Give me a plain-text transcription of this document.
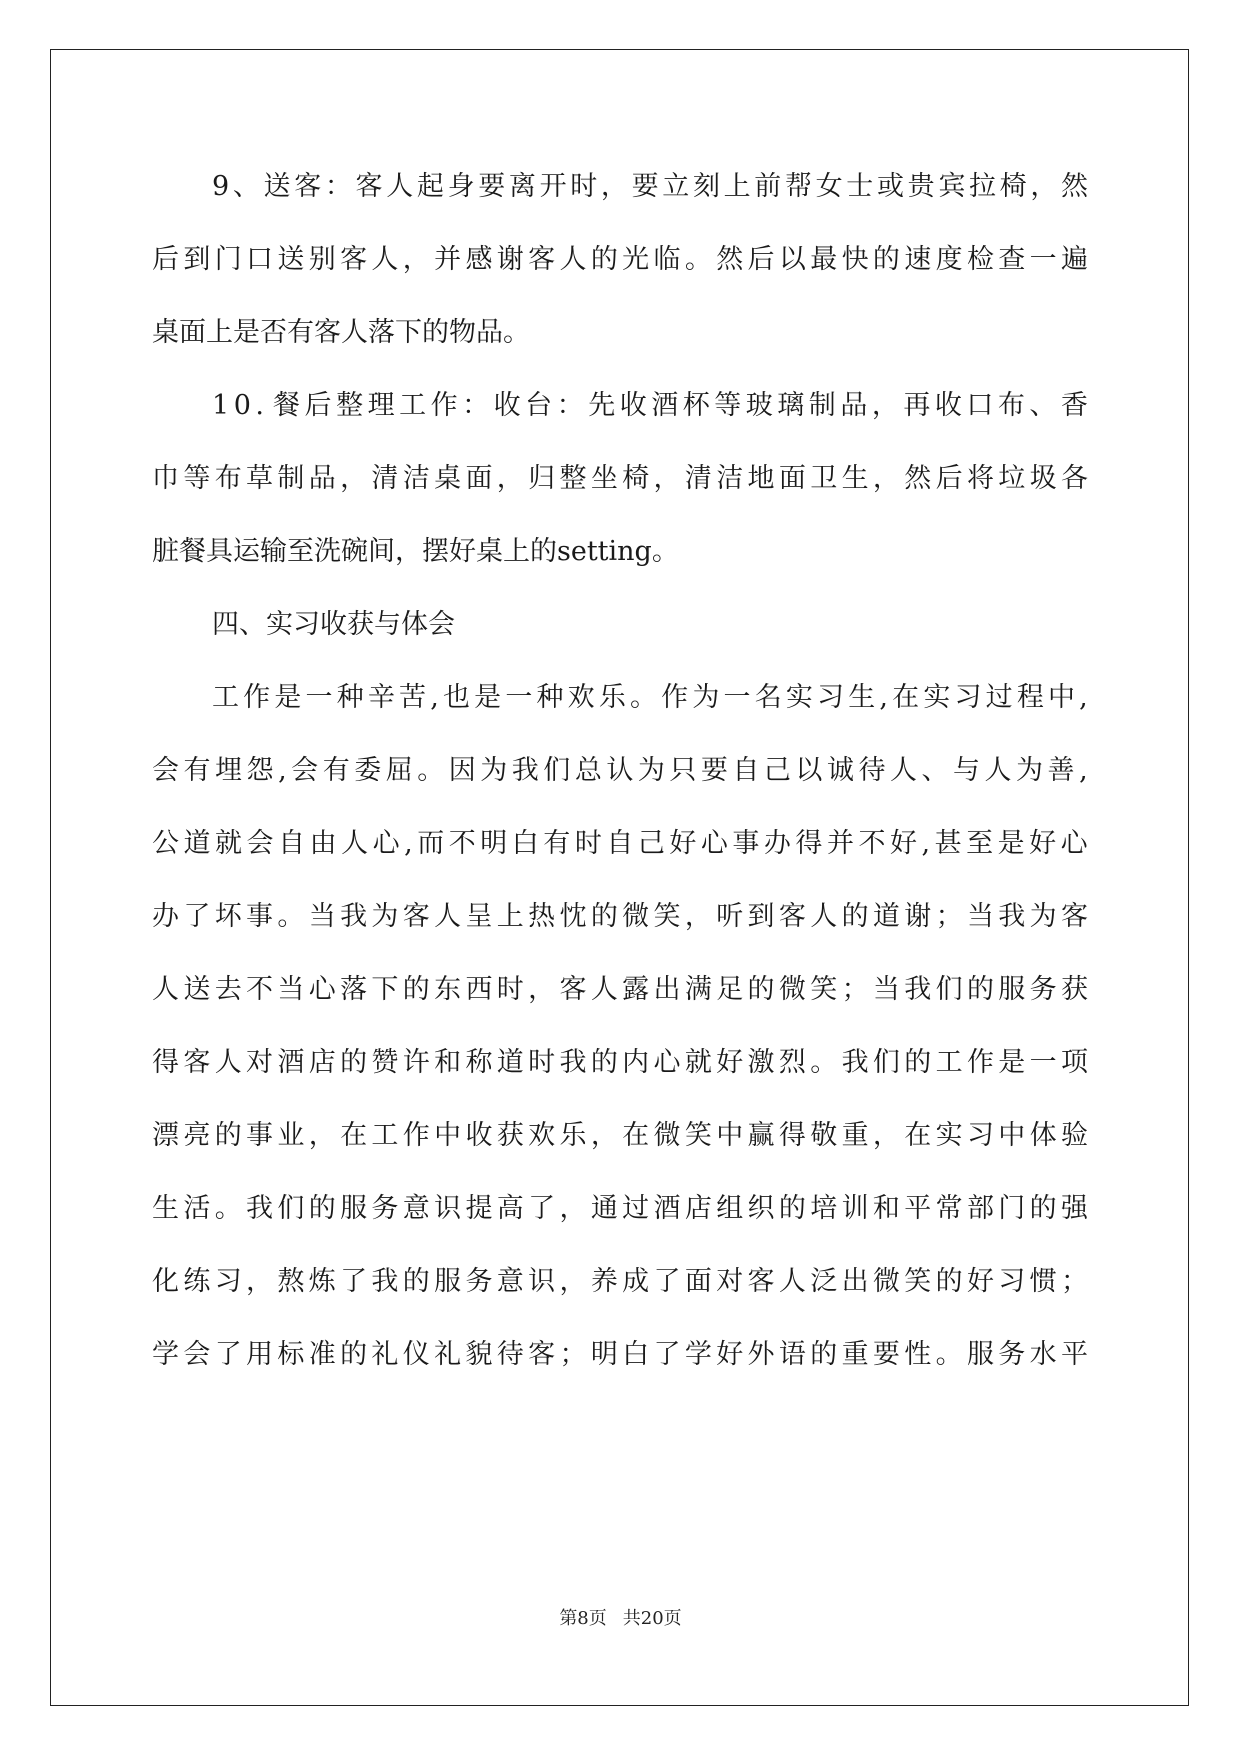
9 、 送 客 ： 客 人 起 身 要 离 开 时 ， 要 立 刻 上 前 帮 女 士 或 贵 宾 拉 椅 ， 然
后 到 门 口 送 别 客 人 ， 并 感 谢 客 人 的 光 临 。 然 后 以 最 快 的 速 度 检 查 一 遍
桌面上是否有客人落下的物品。
1 0 . 餐 后 整 理 工 作 ： 收 台 ： 先 收 酒 杯 等 玻 璃 制 品 ， 再 收 口 布 、 香
巾 等 布 草 制 品 ， 清 洁 桌 面 ， 归 整 坐 椅 ， 清 洁 地 面 卫 生 ， 然 后 将 垃 圾 各
脏餐具运输至洗碗间，摆好桌上的setting。
四、实习收获与体会
工 作 是 一 种 辛 苦 , 也 是 一 种 欢 乐 。 作 为 一 名 实 习 生 , 在 实 习 过 程 中 ,
会 有 埋 怨 , 会 有 委 屈 。 因 为 我 们 总 认 为 只 要 自 己 以 诚 待 人 、 与 人 为 善 ,
公 道 就 会 自 由 人 心 , 而 不 明 白 有 时 自 己 好 心 事 办 得 并 不 好 , 甚 至 是 好 心
办 了 坏 事 。 当 我 为 客 人 呈 上 热 忱 的 微 笑 ， 听 到 客 人 的 道 谢 ； 当 我 为 客
人 送 去 不 当 心 落 下 的 东 西 时 ， 客 人 露 出 满 足 的 微 笑 ； 当 我 们 的 服 务 获
得 客 人 对 酒 店 的 赞 许 和 称 道 时 我 的 内 心 就 好 激 烈 。 我 们 的 工 作 是 一 项
漂 亮 的 事 业 ， 在 工 作 中 收 获 欢 乐 ， 在 微 笑 中 赢 得 敬 重 ， 在 实 习 中 体 验
生 活 。 我 们 的 服 务 意 识 提 高 了 ， 通 过 酒 店 组 织 的 培 训 和 平 常 部 门 的 强
化 练 习 ， 熬 炼 了 我 的 服 务 意 识 ， 养 成 了 面 对 客 人 泛 出 微 笑 的 好 习 惯 ；
学 会 了 用 标 准 的 礼 仪 礼 貌 待 客 ； 明 白 了 学 好 外 语 的 重 要 性 。 服 务 水 平
第8页 共20页
